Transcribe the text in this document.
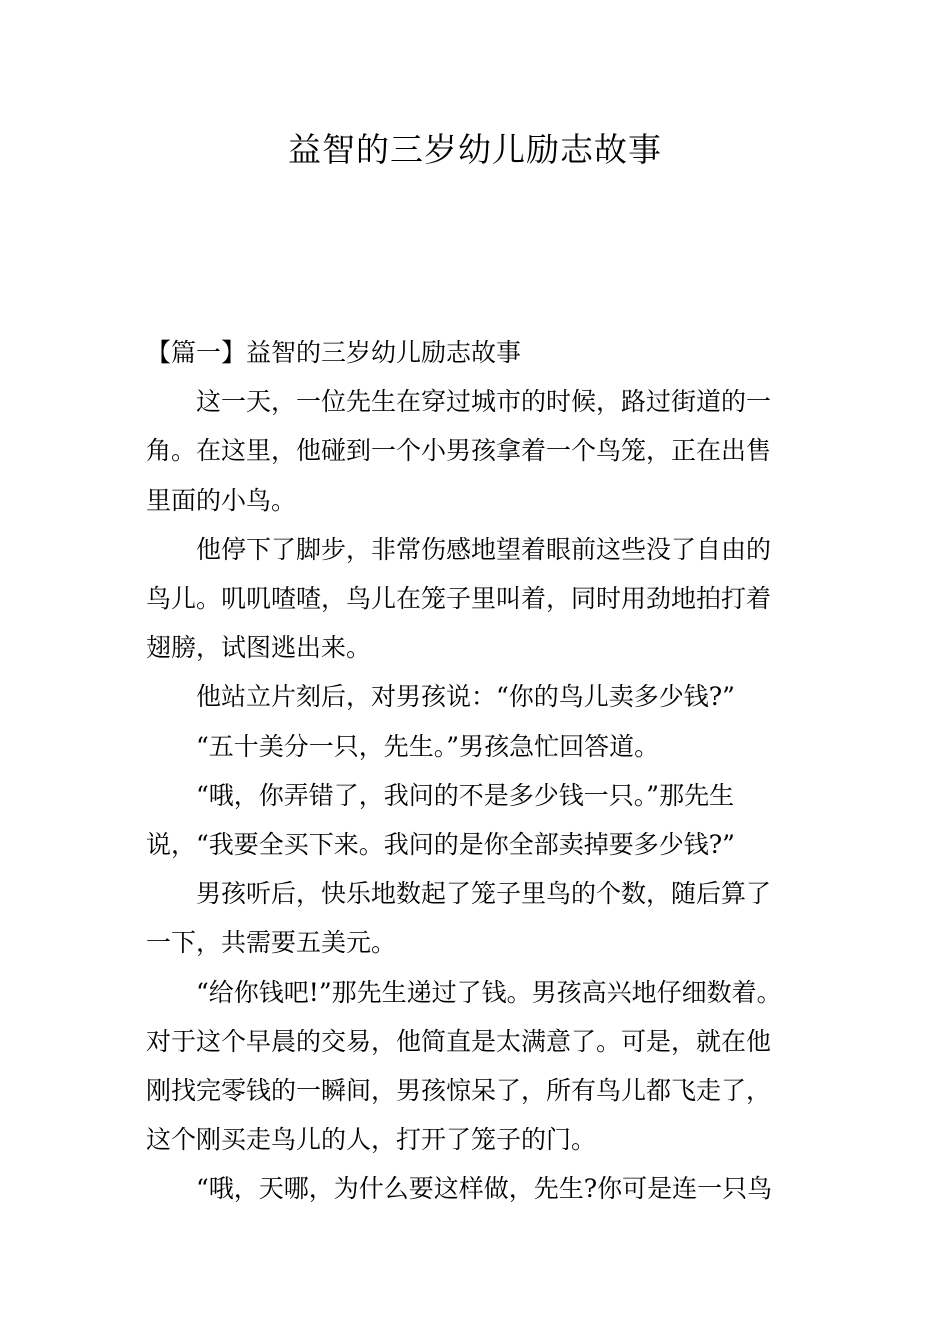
益智的三岁幼儿励志故事

【篇一】益智的三岁幼儿励志故事

这一天，一位先生在穿过城市的时候，路过街道的一

角。在这里，他碰到一个小男孩拿着一个鸟笼，正在出售

里面的小鸟。

他停下了脚步，非常伤感地望着眼前这些没了自由的

鸟儿。叽叽喳喳，鸟儿在笼子里叫着，同时用劲地拍打着

翅膀，试图逃出来。

他站立片刻后，对男孩说：“你的鸟儿卖多少钱?”

“五十美分一只，先生。”男孩急忙回答道。

“哦，你弄错了，我问的不是多少钱一只。”那先生

说，“我要全买下来。我问的是你全部卖掉要多少钱?”

男孩听后，快乐地数起了笼子里鸟的个数，随后算了

一下，共需要五美元。

“给你钱吧!”那先生递过了钱。男孩高兴地仔细数着。

对于这个早晨的交易，他简直是太满意了。可是，就在他

刚找完零钱的一瞬间，男孩惊呆了，所有鸟儿都飞走了，

这个刚买走鸟儿的人，打开了笼子的门。

“哦，天哪，为什么要这样做，先生?你可是连一只鸟
